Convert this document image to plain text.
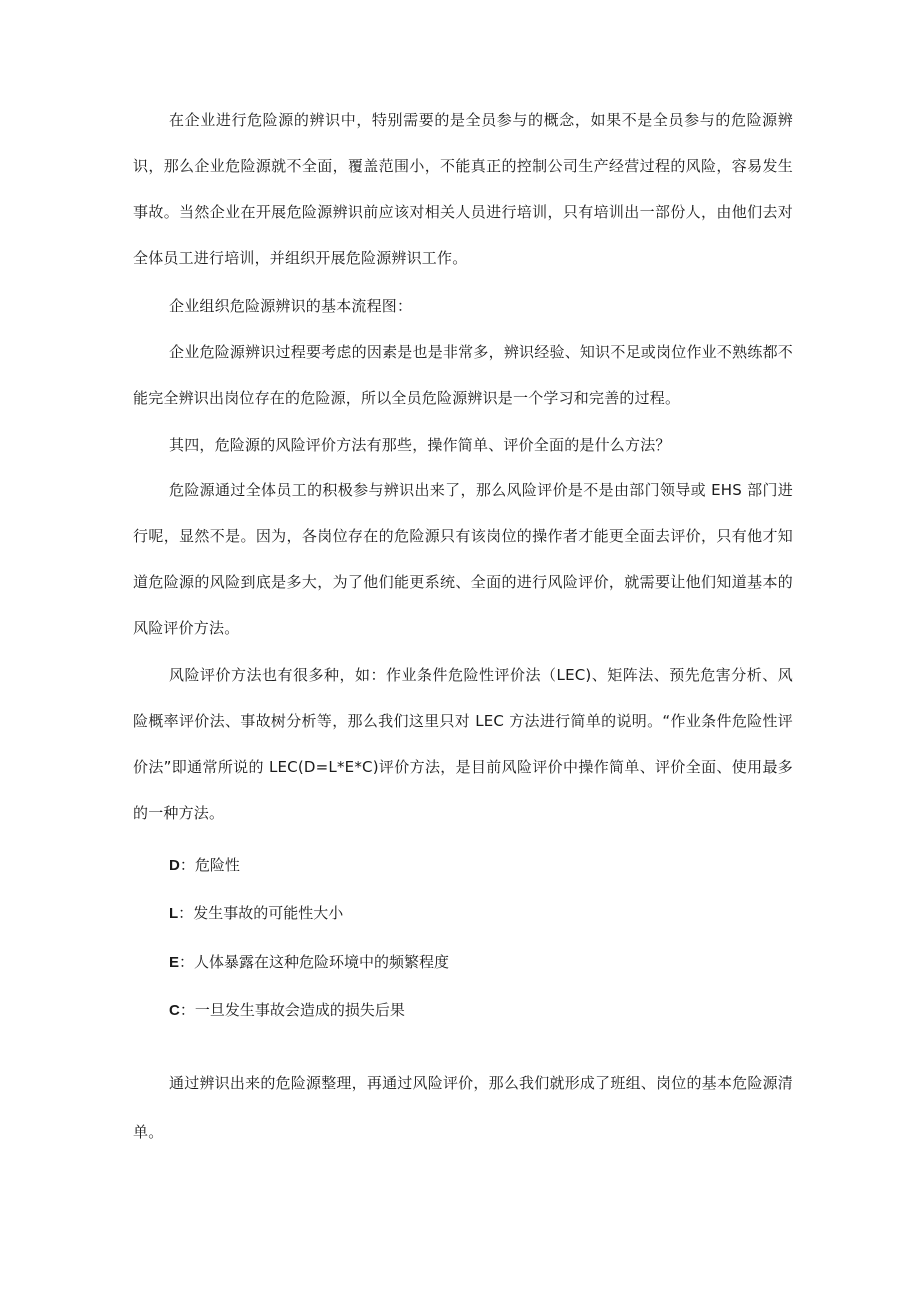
在企业进行危险源的辨识中，特别需要的是全员参与的概念，如果不是全员参与的危险源辨识，那么企业危险源就不全面，覆盖范围小，不能真正的控制公司生产经营过程的风险，容易发生事故。当然企业在开展危险源辨识前应该对相关人员进行培训，只有培训出一部份人，由他们去对全体员工进行培训，并组织开展危险源辨识工作。

企业组织危险源辨识的基本流程图：

企业危险源辨识过程要考虑的因素是也是非常多，辨识经验、知识不足或岗位作业不熟练都不能完全辨识出岗位存在的危险源，所以全员危险源辨识是一个学习和完善的过程。

其四，危险源的风险评价方法有那些，操作简单、评价全面的是什么方法？

危险源通过全体员工的积极参与辨识出来了，那么风险评价是不是由部门领导或 EHS 部门进行呢，显然不是。因为，各岗位存在的危险源只有该岗位的操作者才能更全面去评价，只有他才知道危险源的风险到底是多大，为了他们能更系统、全面的进行风险评价，就需要让他们知道基本的风险评价方法。

风险评价方法也有很多种，如：作业条件危险性评价法（LEC)、矩阵法、预先危害分析、风险概率评价法、事故树分析等，那么我们这里只对 LEC 方法进行简单的说明。“作业条件危险性评价法”即通常所说的 LEC(D=L*E*C)评价方法，是目前风险评价中操作简单、评价全面、使用最多的一种方法。

D：危险性

L：发生事故的可能性大小

E：人体暴露在这种危险环境中的频繁程度

C：一旦发生事故会造成的损失后果

通过辨识出来的危险源整理，再通过风险评价，那么我们就形成了班组、岗位的基本危险源清单。
